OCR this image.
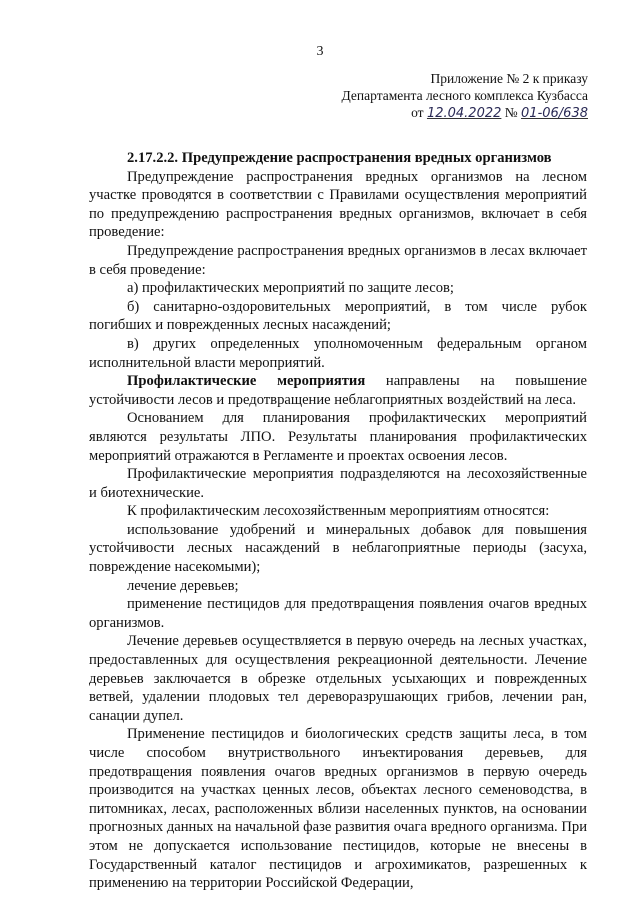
3
Приложение № 2 к приказу
Департамента лесного комплекса Кузбасса
от 12.04.2022 № 01-06/638

2.17.2.2. Предупреждение распространения вредных организмов

Предупреждение распространения вредных организмов на лесном участке проводятся в соответствии с Правилами осуществления мероприятий по предупреждению распространения вредных организмов, включает в себя проведение:

Предупреждение распространения вредных организмов в лесах включает в себя проведение:

а) профилактических мероприятий по защите лесов;

б) санитарно-оздоровительных мероприятий, в том числе рубок погибших и поврежденных лесных насаждений;

в) других определенных уполномоченным федеральным органом исполнительной власти мероприятий.

Профилактические мероприятия направлены на повышение устойчивости лесов и предотвращение неблагоприятных воздействий на леса.

Основанием для планирования профилактических мероприятий являются результаты ЛПО. Результаты планирования профилактических мероприятий отражаются в Регламенте и проектах освоения лесов.

Профилактические мероприятия подразделяются на лесохозяйственные и биотехнические.

К профилактическим лесохозяйственным мероприятиям относятся:

использование удобрений и минеральных добавок для повышения устойчивости лесных насаждений в неблагоприятные периоды (засуха, повреждение насекомыми);

лечение деревьев;

применение пестицидов для предотвращения появления очагов вредных организмов.

Лечение деревьев осуществляется в первую очередь на лесных участках, предоставленных для осуществления рекреационной деятельности. Лечение деревьев заключается в обрезке отдельных усыхающих и поврежденных ветвей, удалении плодовых тел дереворазрушающих грибов, лечении ран, санации дупел.

Применение пестицидов и биологических средств защиты леса, в том числе способом внутриствольного инъектирования деревьев, для предотвращения появления очагов вредных организмов в первую очередь производится на участках ценных лесов, объектах лесного семеноводства, в питомниках, лесах, расположенных вблизи населенных пунктов, на основании прогнозных данных на начальной фазе развития очага вредного организма. При этом не допускается использование пестицидов, которые не внесены в Государственный каталог пестицидов и агрохимикатов, разрешенных к применению на территории Российской Федерации,
